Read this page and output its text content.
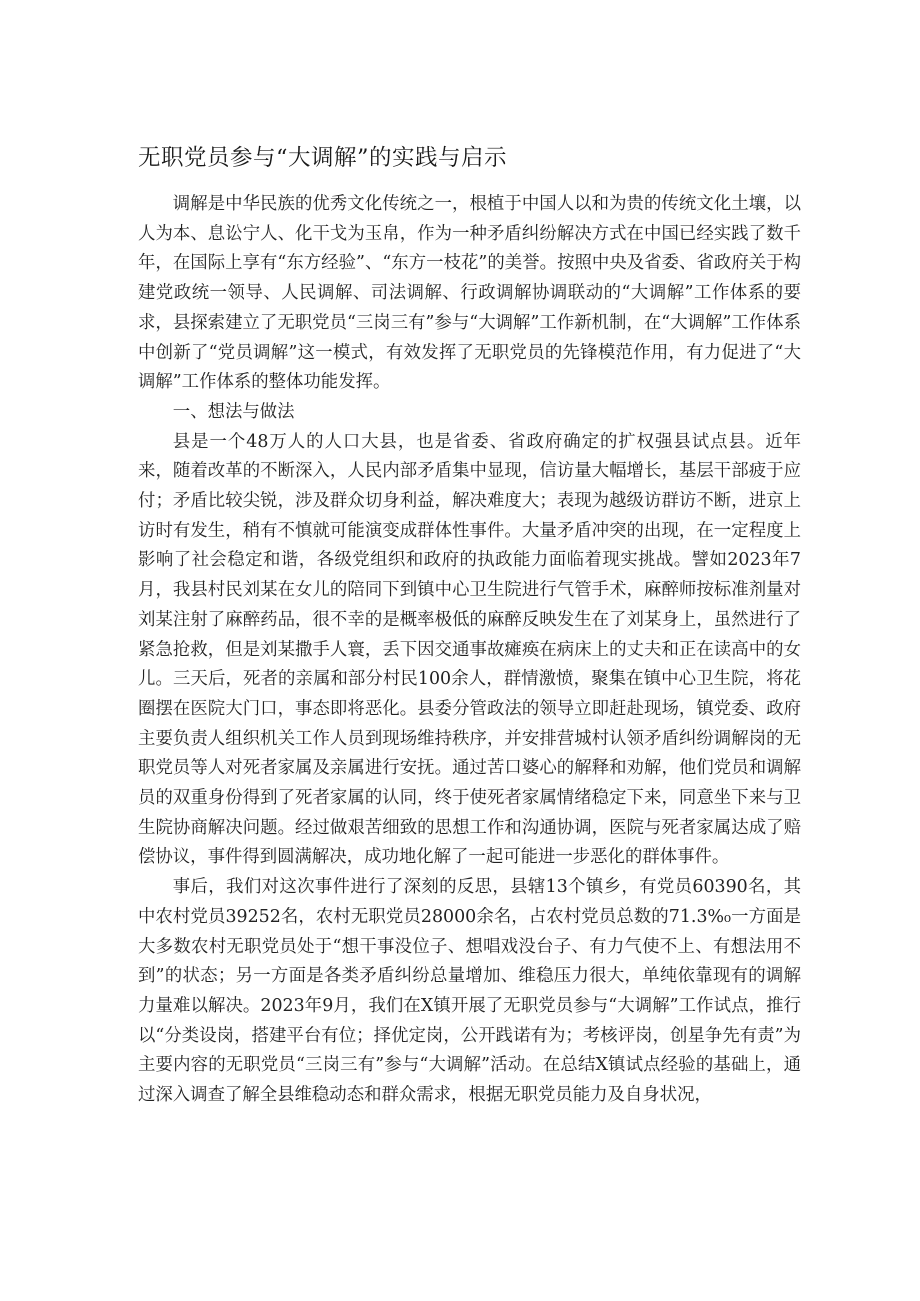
无职党员参与“大调解”的实践与启示

调解是中华民族的优秀文化传统之一，根植于中国人以和为贵的传统文化土壤，以人为本、息讼宁人、化干戈为玉帛，作为一种矛盾纠纷解决方式在中国已经实践了数千年，在国际上享有“东方经验”、“东方一枝花”的美誉。按照中央及省委、省政府关于构建党政统一领导、人民调解、司法调解、行政调解协调联动的“大调解”工作体系的要求，县探索建立了无职党员“三岗三有”参与“大调解”工作新机制，在“大调解”工作体系中创新了“党员调解”这一模式，有效发挥了无职党员的先锋模范作用，有力促进了“大调解”工作体系的整体功能发挥。

一、想法与做法

县是一个48万人的人口大县，也是省委、省政府确定的扩权强县试点县。近年来，随着改革的不断深入，人民内部矛盾集中显现，信访量大幅增长，基层干部疲于应付；矛盾比较尖锐，涉及群众切身利益，解决难度大；表现为越级访群访不断，进京上访时有发生，稍有不慎就可能演变成群体性事件。大量矛盾冲突的出现，在一定程度上影响了社会稳定和谐，各级党组织和政府的执政能力面临着现实挑战。譬如2023年7月，我县村民刘某在女儿的陪同下到镇中心卫生院进行气管手术，麻醉师按标准剂量对刘某注射了麻醉药品，很不幸的是概率极低的麻醉反映发生在了刘某身上，虽然进行了紧急抢救，但是刘某撒手人寰，丢下因交通事故瘫痪在病床上的丈夫和正在读高中的女儿。三天后，死者的亲属和部分村民100余人，群情激愤，聚集在镇中心卫生院，将花圈摆在医院大门口，事态即将恶化。县委分管政法的领导立即赶赴现场，镇党委、政府主要负责人组织机关工作人员到现场维持秩序，并安排营城村认领矛盾纠纷调解岗的无职党员等人对死者家属及亲属进行安抚。通过苦口婆心的解释和劝解，他们党员和调解员的双重身份得到了死者家属的认同，终于使死者家属情绪稳定下来，同意坐下来与卫生院协商解决问题。经过做艰苦细致的思想工作和沟通协调，医院与死者家属达成了赔偿协议，事件得到圆满解决，成功地化解了一起可能进一步恶化的群体事件。

事后，我们对这次事件进行了深刻的反思，县辖13个镇乡，有党员60390名，其中农村党员39252名，农村无职党员28000余名，占农村党员总数的71.3%₀一方面是大多数农村无职党员处于“想干事没位子、想唱戏没台子、有力气使不上、有想法用不到”的状态；另一方面是各类矛盾纠纷总量增加、维稳压力很大，单纯依靠现有的调解力量难以解决。2023年9月，我们在X镇开展了无职党员参与“大调解”工作试点，推行以“分类设岗，搭建平台有位；择优定岗，公开践诺有为；考核评岗，创星争先有责”为主要内容的无职党员“三岗三有”参与“大调解”活动。在总结X镇试点经验的基础上，通过深入调查了解全县维稳动态和群众需求，根据无职党员能力及自身状况，
